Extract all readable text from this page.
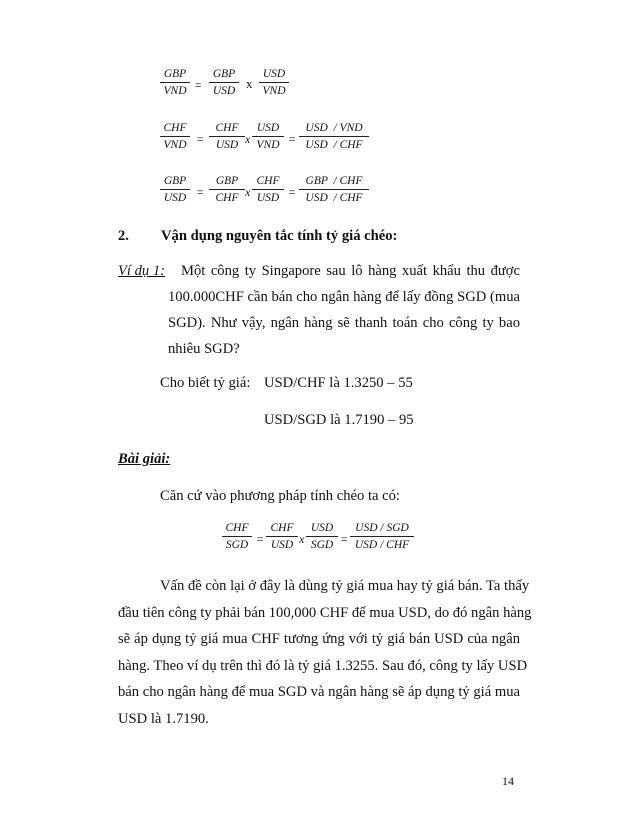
GBP
VND =
GBP
USD x
USD
VND
CHF
VND =
CHF
USD x
USD
VND =
USD  / VND
USD  / CHF
GBP
USD =
GBP
CHF x
CHF
USD =
GBP  / CHF
USD  / CHF
2. Vận dụng nguyên tắc tính tỷ giá chéo:
Ví dụ 1: Một công ty Singapore sau lô hàng xuất khẩu thu được
100.000CHF cần bán cho ngân hàng để lấy đồng SGD (mua
SGD). Như vậy, ngân hàng sẽ thanh toán cho công ty bao
nhiêu SGD?
Cho biết tỷ giá: USD/CHF là 1.3250 – 55
USD/SGD là 1.7190 – 95
Bài giải:
Căn cứ vào phương pháp tính chéo ta có:
CHF
SGD =
CHF
USD x
USD
SGD =
USD / SGD
USD / CHF
Vấn đề còn lại ở đây là dùng tỷ giá mua hay tỷ giá bán. Ta thấy
đầu tiên công ty phải bán 100,000 CHF để mua USD, do đó ngân hàng
sẽ áp dụng tỷ giá mua CHF tương ứng với tỷ giá bán USD của ngân
hàng. Theo ví dụ trên thì đó là tỷ giá 1.3255. Sau đó, công ty lấy USD
bán cho ngân hàng để mua SGD và ngân hàng sẽ áp dụng tỷ giá mua
USD là 1.7190.
14
